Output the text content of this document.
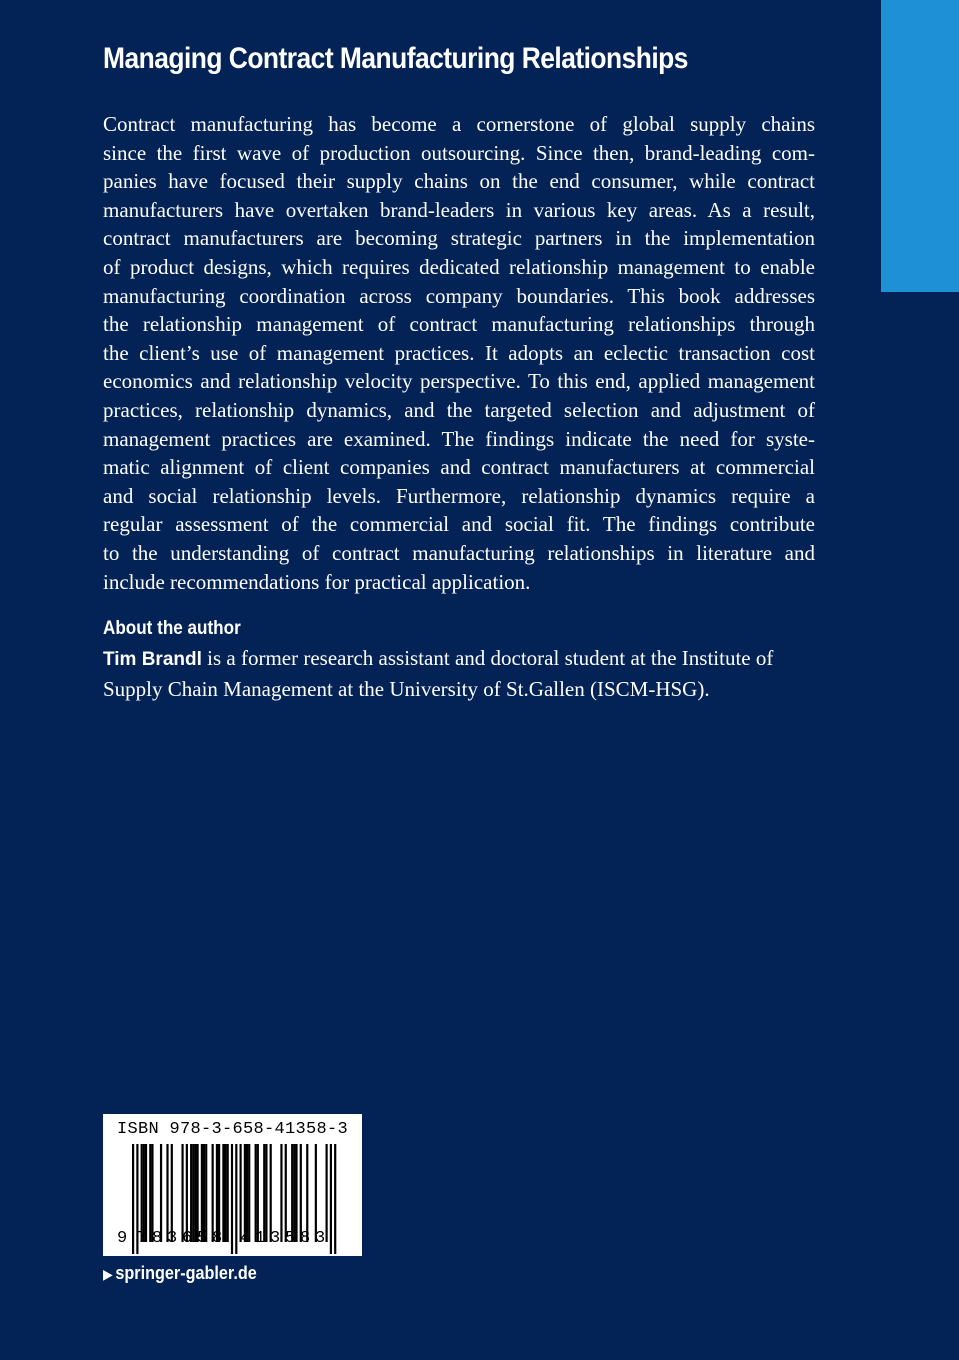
Managing Contract Manufacturing Relationships
Contract manufacturing has become a cornerstone of global supply chains
since the first wave of production outsourcing. Since then, brand-leading com-
panies have focused their supply chains on the end consumer, while contract
manufacturers have overtaken brand-leaders in various key areas. As a result,
contract manufacturers are becoming strategic partners in the implementation
of product designs, which requires dedicated relationship management to enable
manufacturing coordination across company boundaries. This book addresses
the relationship management of contract manufacturing relationships through
the client’s use of management practices. It adopts an eclectic transaction cost
economics and relationship velocity perspective. To this end, applied management
practices, relationship dynamics, and the targeted selection and adjustment of
management practices are examined. The findings indicate the need for syste-
matic alignment of client companies and contract manufacturers at commercial
and social relationship levels. Furthermore, relationship dynamics require a
regular assessment of the commercial and social fit. The findings contribute
to the understanding of contract manufacturing relationships in literature and
include recommendations for practical application.
About the author
Tim Brandl is a former research assistant and doctoral student at the Institute of
Supply Chain Management at the University of St.Gallen (ISCM-HSG).
ISBN 978-3-658-41358-3
9 7 8 3 6 5 8 4 1 3 5 8 3
▶ springer-gabler.de
